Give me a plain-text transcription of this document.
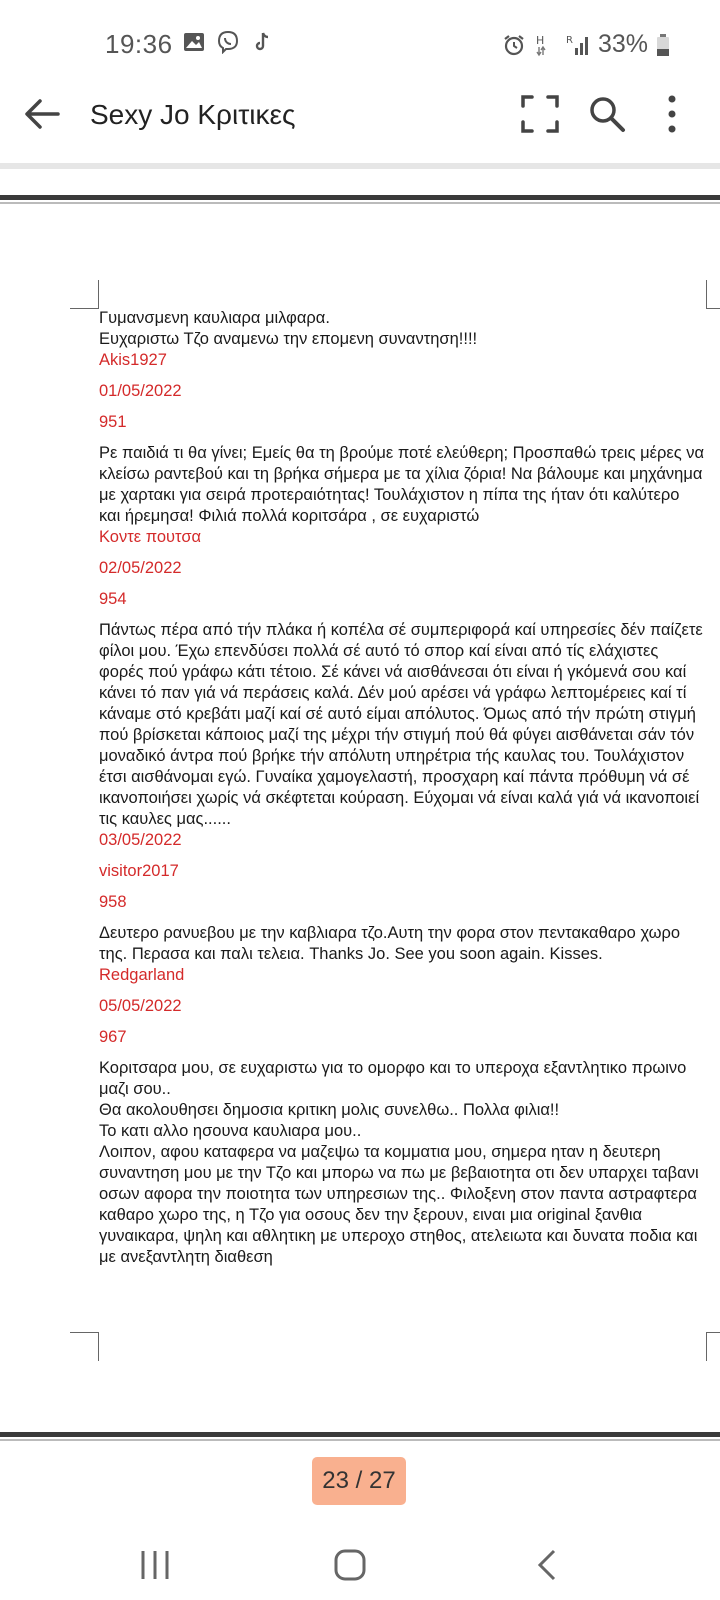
19:36	H R 33%
Sexy Jo Κριτικες

Γυμανσμενη καυλιαρα μιλφαρα.

Ευχαριστω Τζο αναμενω την επομενη συναντηση!!!!

Akis1927

01/05/2022

951

Ρε παιδιά τι θα γίνει; Εμείς θα τη βρούμε ποτέ ελεύθερη; Προσπαθώ τρεις μέρες να κλείσω ραντεβού και τη βρήκα σήμερα με τα χίλια ζόρια! Να βάλουμε και μηχάνημα με χαρτακι για σειρά προτεραιότητας! Τουλάχιστον η πίπα της ήταν ότι καλύτερο και ήρεμησα! Φιλιά πολλά κοριτσάρα , σε ευχαριστώ

Κοντε πουτσα

02/05/2022

954

Πάντως πέρα από τήν πλάκα ή κοπέλα σέ συμπεριφορά καί υπηρεσίες δέν παίζετε φίλοι μου. Έχω επενδύσει πολλά σέ αυτό τό σπορ καί είναι από τίς ελάχιστες φορές πού γράφω κάτι τέτοιο. Σέ κάνει νά αισθάνεσαι ότι είναι ή γκόμενά σου καί κάνει τό παν γιά νά περάσεις καλά. Δέν μού αρέσει νά γράφω λεπτομέρειες καί τί κάναμε στό κρεβάτι μαζί καί σέ αυτό είμαι απόλυτος. Όμως από τήν πρώτη στιγμή πού βρίσκεται κάποιος μαζί της μέχρι τήν στιγμή πού θά φύγει αισθάνεται σάν τόν μοναδικό άντρα πού βρήκε τήν απόλυτη υπηρέτρια τής καυλας του. Τουλάχιστον έτσι αισθάνομαι εγώ. Γυναίκα χαμογελαστή, προσχαρη καί πάντα πρόθυμη νά σέ ικανοποιήσει χωρίς νά σκέφτεται κούραση. Εύχομαι νά είναι καλά γιά νά ικανοποιεί τις καυλες μας......

03/05/2022

visitor2017

958

Δευτερο ρανυεβου με την καβλιαρα τζο.Αυτη την φορα στον πεντακαθαρο χωρο της. Περασα και παλι τελεια. Thanks Jo. See you soon again. Kisses.

Redgarland

05/05/2022

967

Κοριτσαρα μου, σε ευχαριστω για το ομορφο και το υπεροχα εξαντλητικο πρωινο μαζι σου..

Θα ακολουθησει δημοσια κριτικη μολις συνελθω.. Πολλα φιλια!!

Το κατι αλλο ησουνα καυλιαρα μου..

Λοιπον, αφου καταφερα να μαζεψω τα κομματια μου, σημερα ηταν η δευτερη συναντηση μου με την Τζο και μπορω να πω με βεβαιοτητα οτι δεν υπαρχει ταβανι οσων αφορα την ποιοτητα των υπηρεσιων της.. Φιλοξενη στον παντα αστραφτερα καθαρο χωρο της, η Τζο για οσους δεν την ξερουν, ειναι μια original ξανθια γυναικαρα, ψηλη και αθλητικη με υπεροχο στηθος, ατελειωτα και δυνατα ποδια και με ανεξαντλητη διαθεση

23 / 27
